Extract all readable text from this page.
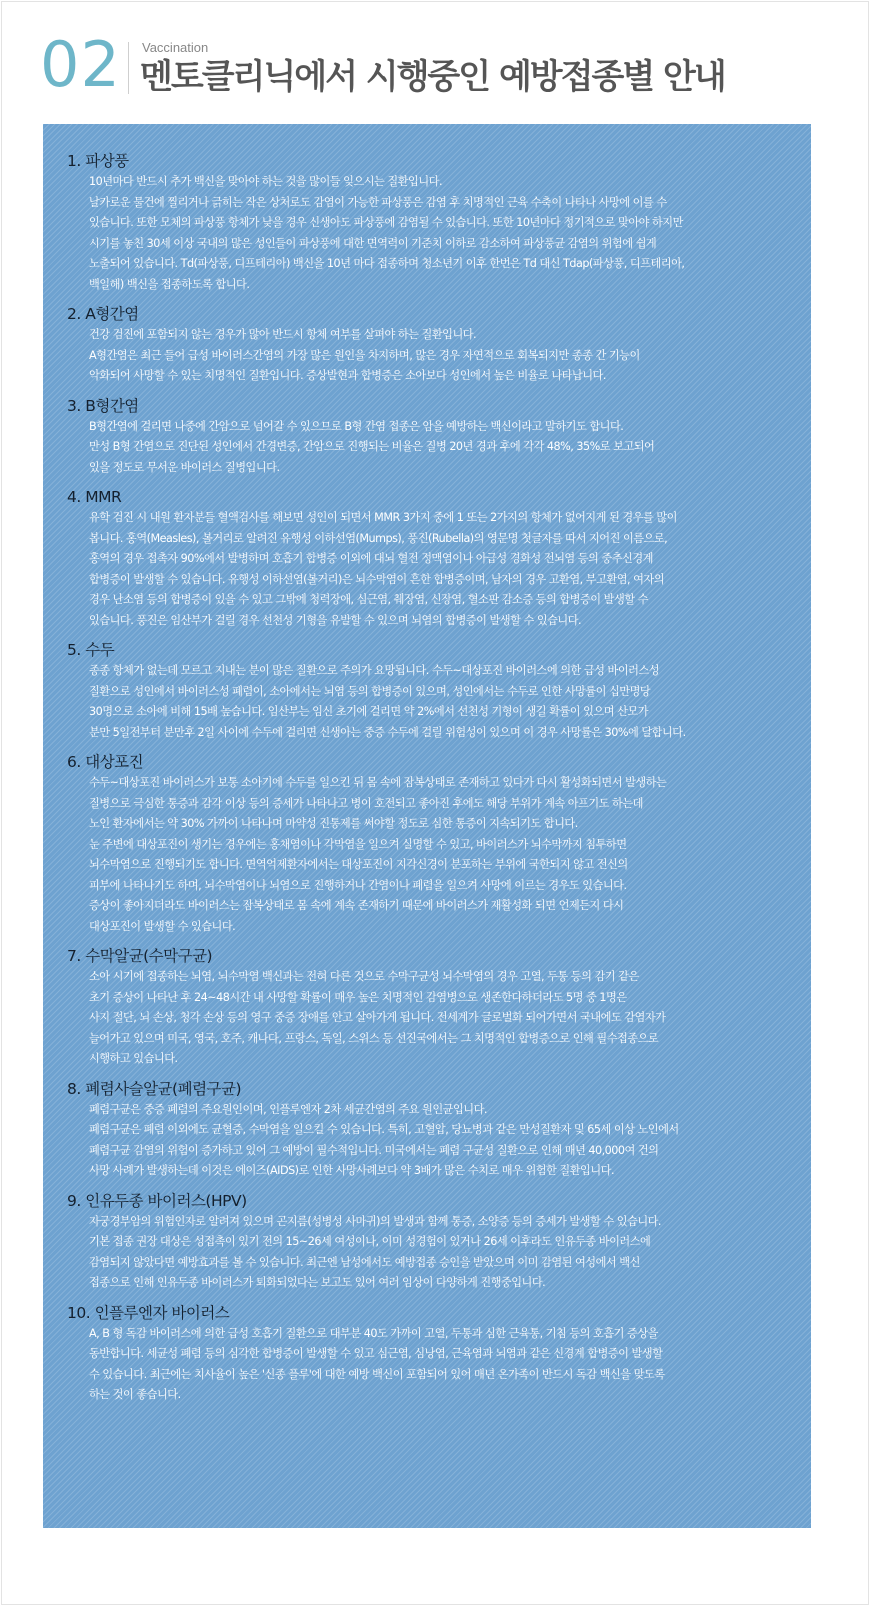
02 Vaccination
멘토클리닉에서 시행중인 예방접종별 안내
1. 파상풍
10년마다 반드시 추가 백신을 맞아야 하는 것을 많이들 잊으시는 질환입니다.
날카로운 물건에 찔리거나 긁히는 작은 상처로도 감염이 가능한 파상풍은 감염 후 치명적인 근육 수축이 나타나 사망에 이를 수
있습니다. 또한 모체의 파상풍 항체가 낮을 경우 신생아도 파상풍에 감염될 수 있습니다. 또한 10년마다 정기적으로 맞아야 하지만
시기를 놓친 30세 이상 국내의 많은 성인들이 파상풍에 대한 면역력이 기준치 이하로 감소하여 파상풍균 감염의 위험에 쉽게
노출되어 있습니다. Td(파상풍, 디프테리아) 백신을 10년 마다 접종하며 청소년기 이후 한번은 Td 대신 Tdap(파상풍, 디프테리아,
백일해) 백신을 접종하도록 합니다.
2. A형간염
건강 검진에 포함되지 않는 경우가 많아 반드시 항체 여부를 살펴야 하는 질환입니다.
A형간염은 최근 들어 급성 바이러스간염의 가장 많은 원인을 차지하며, 많은 경우 자연적으로 회복되지만 종종 간 기능이
악화되어 사망할 수 있는 치명적인 질환입니다. 증상발현과 합병증은 소아보다 성인에서 높은 비율로 나타납니다.
3. B형간염
B형간염에 걸리면 나중에 간암으로 넘어갈 수 있으므로 B형 간염 접종은 암을 예방하는 백신이라고 말하기도 합니다.
만성 B형 간염으로 진단된 성인에서 간경변증, 간암으로 진행되는 비율은 질병 20년 경과 후에 각각 48%, 35%로 보고되어
있을 정도로 무서운 바이러스 질병입니다.
4. MMR
유학 검진 시 내원 환자분들 혈액검사를 해보면 성인이 되면서 MMR 3가지 중에 1 또는 2가지의 항체가 없어지게 된 경우를 많이
봅니다. 홍역(Measles), 볼거리로 알려진 유행성 이하선염(Mumps), 풍진(Rubella)의 영문명 첫글자를 따서 지어진 이름으로,
홍역의 경우 접촉자 90%에서 발병하며 호흡기 합병증 이외에 대뇌 혈전 정맥염이나 아급성 경화성 전뇌염 등의 중추신경계
합병증이 발생할 수 있습니다. 유행성 이하선염(볼거리)은 뇌수막염이 흔한 합병증이며, 남자의 경우 고환염, 부고환염, 여자의
경우 난소염 등의 합병증이 있을 수 있고 그밖에 청력장애, 심근염, 췌장염, 신장염, 혈소판 감소증 등의 합병증이 발생할 수
있습니다. 풍진은 임산부가 걸릴 경우 선천성 기형을 유발할 수 있으며 뇌염의 합병증이 발생할 수 있습니다.
5. 수두
종종 항체가 없는데 모르고 지내는 분이 많은 질환으로 주의가 요망됩니다. 수두~대상포진 바이러스에 의한 급성 바이러스성
질환으로 성인에서 바이러스성 폐렴이, 소아에서는 뇌염 등의 합병증이 있으며, 성인에서는 수두로 인한 사망률이 십만명당
30명으로 소아에 비해 15배 높습니다. 임산부는 임신 초기에 걸리면 약 2%에서 선천성 기형이 생길 확률이 있으며 산모가
분만 5일전부터 분만후 2일 사이에 수두에 걸리면 신생아는 중증 수두에 걸릴 위험성이 있으며 이 경우 사망률은 30%에 달합니다.
6. 대상포진
수두~대상포진 바이러스가 보통 소아기에 수두를 일으킨 뒤 몸 속에 잠복상태로 존재하고 있다가 다시 활성화되면서 발생하는
질병으로 극심한 통증과 감각 이상 등의 증세가 나타나고 병이 호전되고 좋아진 후에도 해당 부위가 계속 아프기도 하는데
노인 환자에서는 약 30% 가까이 나타나며 마약성 진통제를 써야할 정도로 심한 통증이 지속되기도 합니다.
눈 주변에 대상포진이 생기는 경우에는 홍채염이나 각막염을 일으켜 실명할 수 있고, 바이러스가 뇌수막까지 침투하면
뇌수막염으로 진행되기도 합니다. 면역억제환자에서는 대상포진이 지각신경이 분포하는 부위에 국한되지 않고 전신의
피부에 나타나기도 하며, 뇌수막염이나 뇌염으로 진행하거나 간염이나 폐렴을 일으켜 사망에 이르는 경우도 있습니다.
증상이 좋아지더라도 바이러스는 잠복상태로 몸 속에 계속 존재하기 때문에 바이러스가 재활성화 되면 언제든지 다시
대상포진이 발생할 수 있습니다.
7. 수막알균(수막구균)
소아 시기에 접종하는 뇌염, 뇌수막염 백신과는 전혀 다른 것으로 수막구균성 뇌수막염의 경우 고열, 두통 등의 감기 같은
초기 증상이 나타난 후 24~48시간 내 사망할 확률이 매우 높은 치명적인 감염병으로 생존한다하더라도 5명 중 1명은
사지 절단, 뇌 손상, 청각 손상 등의 영구 중증 장애를 안고 살아가게 됩니다. 전세계가 글로벌화 되어가면서 국내에도 감염자가
늘어가고 있으며 미국, 영국, 호주, 캐나다, 프랑스, 독일, 스위스 등 선진국에서는 그 치명적인 합병증으로 인해 필수접종으로
시행하고 있습니다.
8. 폐렴사슬알균(폐렴구균)
폐렴구균은 중증 폐렴의 주요원인이며, 인플루엔자 2차 세균간염의 주요 원인균입니다.
폐렴구균은 폐렴 이외에도 균혈증, 수막염을 일으킬 수 있습니다. 특히, 고혈압, 당뇨병과 같은 만성질환자 및 65세 이상 노인에서
폐렴구균 감염의 위험이 증가하고 있어 그 예방이 필수적입니다. 미국에서는 폐렴 구균성 질환으로 인해 매년 40,000여 건의
사망 사례가 발생하는데 이것은 에이즈(AIDS)로 인한 사망사례보다 약 3배가 많은 수치로 매우 위험한 질환입니다.
9. 인유두종 바이러스(HPV)
자궁경부암의 위험인자로 알려져 있으며 곤지름(성병성 사마귀)의 발생과 함께 통증, 소양증 등의 증세가 발생할 수 있습니다.
기본 접종 권장 대상은 성접촉이 있기 전의 15~26세 여성이나, 이미 성경험이 있거나 26세 이후라도 인유두종 바이러스에
감염되지 않았다면 예방효과를 볼 수 있습니다. 최근엔 남성에서도 예방접종 승인을 받았으며 이미 감염된 여성에서 백신
접종으로 인해 인유두종 바이러스가 퇴화되었다는 보고도 있어 여러 임상이 다양하게 진행중입니다.
10. 인플루엔자 바이러스
A, B 형 독감 바이러스에 의한 급성 호흡기 질환으로 대부분 40도 가까이 고열, 두통과 심한 근육통, 기침 등의 호흡기 증상을
동반합니다. 세균성 폐렴 등의 심각한 합병증이 발생할 수 있고 심근염, 심낭염, 근육염과 뇌염과 같은 신경계 합병증이 발생할
수 있습니다. 최근에는 치사율이 높은 '신종 플루'에 대한 예방 백신이 포함되어 있어 매년 온가족이 반드시 독감 백신을 맞도록
하는 것이 좋습니다.
